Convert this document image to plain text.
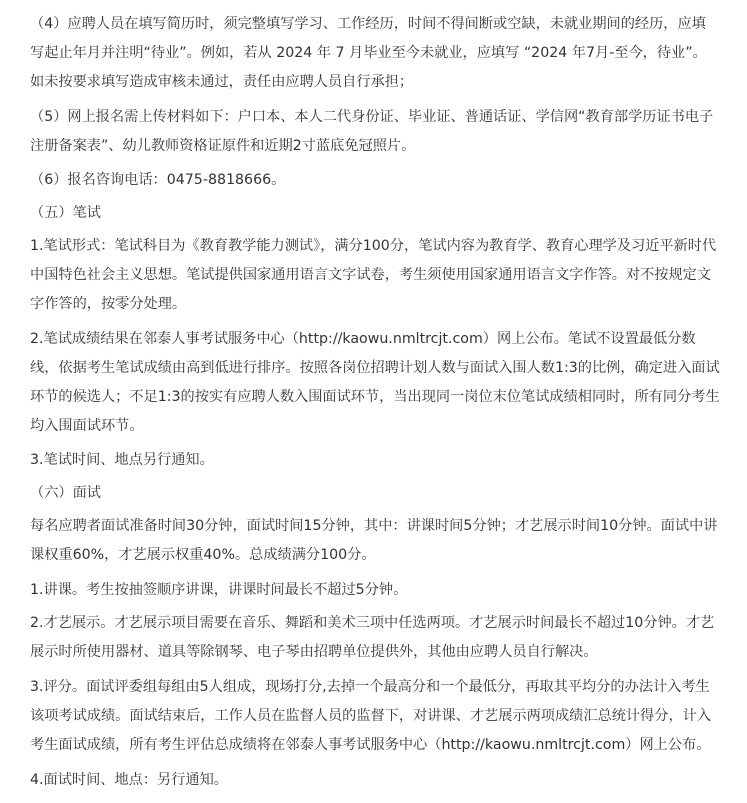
（4）应聘人员在填写简历时，须完整填写学习、工作经历，时间不得间断或空缺，未就业期间的经历，应填写起止年月并注明“待业”。例如，若从 2024 年 7 月毕业至今未就业，应填写 “2024 年7月-至今，待业”。如未按要求填写造成审核未通过，责任由应聘人员自行承担；

（5）网上报名需上传材料如下：户口本、本人二代身份证、毕业证、普通话证、学信网“教育部学历证书电子注册备案表”、幼儿教师资格证原件和近期2寸蓝底免冠照片。

（6）报名咨询电话：0475-8818666。

（五）笔试

1.笔试形式：笔试科目为《教育教学能力测试》，满分100分，笔试内容为教育学、教育心理学及习近平新时代中国特色社会主义思想。笔试提供国家通用语言文字试卷，考生须使用国家通用语言文字作答。对不按规定文字作答的，按零分处理。

2.笔试成绩结果在邻泰人事考试服务中心（http://kaowu.nmltrcjt.com）网上公布。笔试不设置最低分数线，依据考生笔试成绩由高到低进行排序。按照各岗位招聘计划人数与面试入围人数1:3的比例，确定进入面试环节的候选人；不足1:3的按实有应聘人数入围面试环节，当出现同一岗位末位笔试成绩相同时，所有同分考生均入围面试环节。

3.笔试时间、地点另行通知。

（六）面试

每名应聘者面试准备时间30分钟，面试时间15分钟，其中：讲课时间5分钟；才艺展示时间10分钟。面试中讲课权重60%，才艺展示权重40%。总成绩满分100分。

1.讲课。考生按抽签顺序讲课，讲课时间最长不超过5分钟。

2.才艺展示。才艺展示项目需要在音乐、舞蹈和美术三项中任选两项。才艺展示时间最长不超过10分钟。才艺展示时所使用器材、道具等除钢琴、电子琴由招聘单位提供外，其他由应聘人员自行解决。

3.评分。面试评委组每组由5人组成，现场打分,去掉一个最高分和一个最低分，再取其平均分的办法计入考生该项考试成绩。面试结束后，工作人员在监督人员的监督下，对讲课、才艺展示两项成绩汇总统计得分，计入考生面试成绩，所有考生评估总成绩将在邻泰人事考试服务中心（http://kaowu.nmltrcjt.com）网上公布。

4.面试时间、地点：另行通知。
